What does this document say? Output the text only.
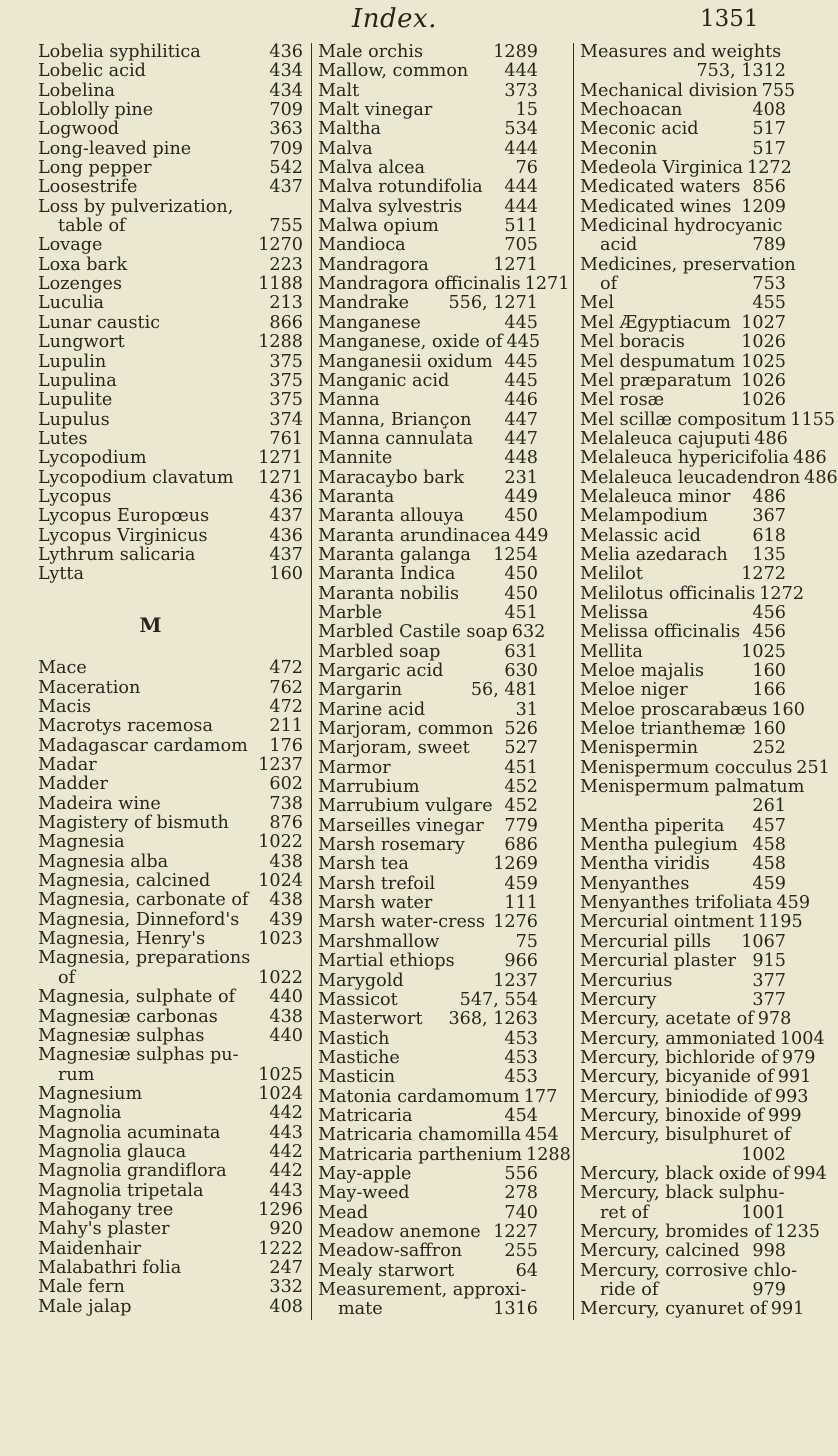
Index.	1351
Lobelia syphilitica	436
Lobelic acid	434
Lobelina	434
Loblolly pine	709
Logwood	363
Long-leaved pine	709
Long pepper	542
Loosestrife	437
Loss by pulverization,
table of	755
Lovage	1270
Loxa bark	223
Lozenges	1188
Luculia	213
Lunar caustic	866
Lungwort	1288
Lupulin	375
Lupulina	375
Lupulite	375
Lupulus	374
Lutes	761
Lycopodium	1271
Lycopodium clavatum 1271
Lycopus	436
Lycopus Europœus	437
Lycopus Virginicus	436
Lythrum salicaria	437
Lytta	160
M
Mace	472
Maceration	762
Macis	472
Macrotys racemosa	211
Madagascar cardamom 176
Madar	1237
Madder	602
Madeira wine	738
Magistery of bismuth 876
Magnesia	1022
Magnesia alba	438
Magnesia, calcined	1024
Magnesia, carbonate of 438
Magnesia, Dinneford's 439
Magnesia, Henry's	1023
Magnesia, preparations
of	1022
Magnesia, sulphate of 440
Magnesiæ carbonas	438
Magnesiæ sulphas	440
Magnesiæ sulphas pu-
rum	1025
Magnesium	1024
Magnolia	442
Magnolia acuminata	443
Magnolia glauca	442
Magnolia grandiflora 442
Magnolia tripetala	443
Mahogany tree	1296
Mahy's plaster	920
Maidenhair	1222
Malabathri folia	247
Male fern	332
Male jalap	408
Male orchis	1289
Mallow, common 444
Malt	373
Malt vinegar	15
Maltha	534
Malva	444
Malva alcea	76
Malva rotundifolia 444
Malva sylvestris 444
Malwa opium	511
Mandioca	705
Mandragora	1271
Mandragora officinalis 1271
Mandrake 556, 1271
Manganese	445
Manganese, oxide of 445
Manganesii oxidum 445
Manganic acid	445
Manna	446
Manna, Briançon 447
Manna cannulata 447
Mannite	448
Maracaybo bark 231
Maranta	449
Maranta allouya 450
Maranta arundinacea 449
Maranta galanga 1254
Maranta Indica	450
Maranta nobilis	450
Marble	451
Marbled Castile soap 632
Marbled soap	631
Margaric acid	630
Margarin	56, 481
Marine acid	31
Marjoram, common 526
Marjoram, sweet 527
Marmor	451
Marrubium	452
Marrubium vulgare 452
Marseilles vinegar 779
Marsh rosemary 686
Marsh tea	1269
Marsh trefoil	459
Marsh water	111
Marsh water-cress 1276
Marshmallow	75
Martial ethiops	966
Marygold	1237
Massicot	547, 554
Masterwort 368, 1263
Mastich	453
Mastiche	453
Masticin	453
Matonia cardamomum 177
Matricaria	454
Matricaria chamomilla 454
Matricaria parthenium 1288
May-apple	556
May-weed	278
Mead	740
Meadow anemone 1227
Meadow-saffron 255
Mealy starwort	64
Measurement, approxi-
mate	1316
Measures and weights
753, 1312
Mechanical division 755
Mechoacan	408
Meconic acid	517
Meconin	517
Medeola Virginica 1272
Medicated waters 856
Medicated wines 1209
Medicinal hydrocyanic
acid	789
Medicines, preservation
of	753
Mel	455
Mel Ægyptiacum 1027
Mel boracis	1026
Mel despumatum 1025
Mel præparatum 1026
Mel rosæ	1026
Mel scillæ compositum 1155
Melaleuca cajuputi 486
Melaleuca hypericifolia 486
Melaleuca leucadendron 486
Melaleuca minor 486
Melampodium	367
Melassic acid	618
Melia azedarach 135
Melilot	1272
Melilotus officinalis 1272
Melissa	456
Melissa officinalis 456
Mellita	1025
Meloe majalis	160
Meloe niger	166
Meloe proscarabæus 160
Meloe trianthemæ 160
Menispermin	252
Menispermum cocculus 251
Menispermum palmatum
261
Mentha piperita 457
Mentha pulegium 458
Mentha viridis 458
Menyanthes	459
Menyanthes trifoliata 459
Mercurial ointment 1195
Mercurial pills 1067
Mercurial plaster 915
Mercurius	377
Mercury	377
Mercury, acetate of 978
Mercury, ammoniated 1004
Mercury, bichloride of 979
Mercury, bicyanide of 991
Mercury, biniodide of 993
Mercury, binoxide of 999
Mercury, bisulphuret of
1002
Mercury, black oxide of 994
Mercury, black sulphu-
ret of	1001
Mercury, bromides of 1235
Mercury, calcined 998
Mercury, corrosive chlo-
ride of	979
Mercury, cyanuret of 991
